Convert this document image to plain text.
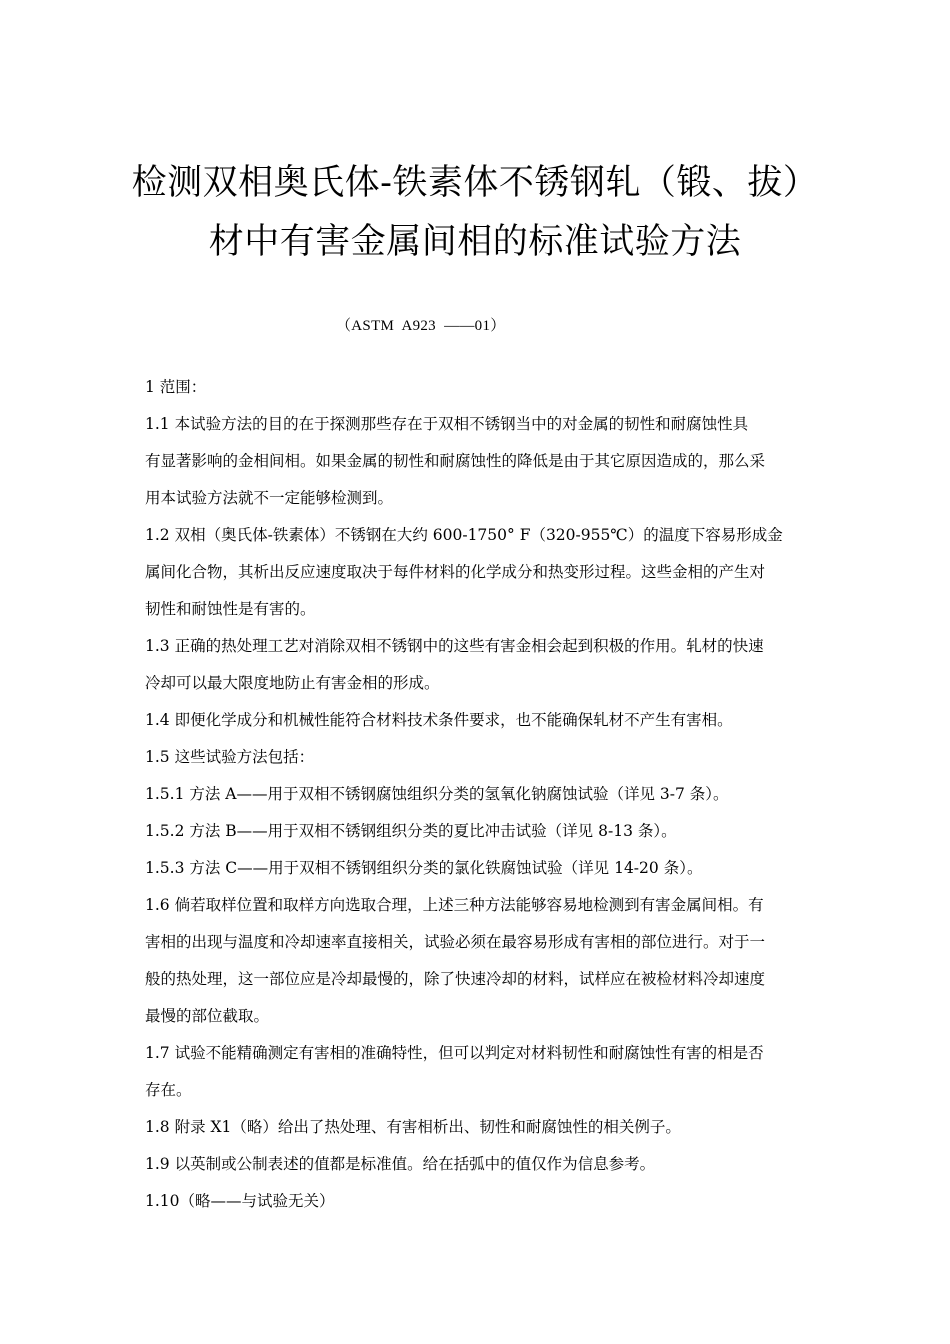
检测双相奥氏体-铁素体不锈钢轧（锻、拔）
材中有害金属间相的标准试验方法
（ASTM  A923  ——01）
1 范围：
1.1 本试验方法的目的在于探测那些存在于双相不锈钢当中的对金属的韧性和耐腐蚀性具
有显著影响的金相间相。如果金属的韧性和耐腐蚀性的降低是由于其它原因造成的，那么采
用本试验方法就不一定能够检测到。
1.2 双相（奥氏体-铁素体）不锈钢在大约 600-1750° F（320-955℃）的温度下容易形成金
属间化合物，其析出反应速度取决于每件材料的化学成分和热变形过程。这些金相的产生对
韧性和耐蚀性是有害的。
1.3 正确的热处理工艺对消除双相不锈钢中的这些有害金相会起到积极的作用。轧材的快速
冷却可以最大限度地防止有害金相的形成。
1.4 即便化学成分和机械性能符合材料技术条件要求，也不能确保轧材不产生有害相。
1.5 这些试验方法包括：
1.5.1 方法 A——用于双相不锈钢腐蚀组织分类的氢氧化钠腐蚀试验（详见 3-7 条）。
1.5.2 方法 B——用于双相不锈钢组织分类的夏比冲击试验（详见 8-13 条）。
1.5.3 方法 C——用于双相不锈钢组织分类的氯化铁腐蚀试验（详见 14-20 条）。
1.6 倘若取样位置和取样方向选取合理，上述三种方法能够容易地检测到有害金属间相。有
害相的出现与温度和冷却速率直接相关，试验必须在最容易形成有害相的部位进行。对于一
般的热处理，这一部位应是冷却最慢的，除了快速冷却的材料，试样应在被检材料冷却速度
最慢的部位截取。
1.7 试验不能精确测定有害相的准确特性，但可以判定对材料韧性和耐腐蚀性有害的相是否
存在。
1.8 附录 X1（略）给出了热处理、有害相析出、韧性和耐腐蚀性的相关例子。
1.9 以英制或公制表述的值都是标准值。给在括弧中的值仅作为信息参考。
1.10（略——与试验无关）
